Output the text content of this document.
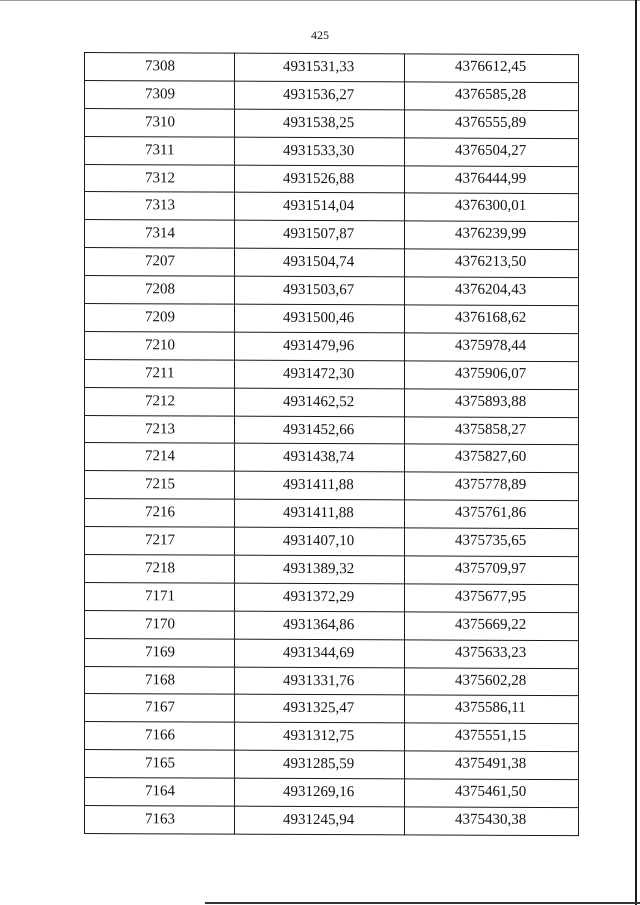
425
7308	4931531,33	4376612,45
7309	4931536,27	4376585,28
7310	4931538,25	4376555,89
7311	4931533,30	4376504,27
7312	4931526,88	4376444,99
7313	4931514,04	4376300,01
7314	4931507,87	4376239,99
7207	4931504,74	4376213,50
7208	4931503,67	4376204,43
7209	4931500,46	4376168,62
7210	4931479,96	4375978,44
7211	4931472,30	4375906,07
7212	4931462,52	4375893,88
7213	4931452,66	4375858,27
7214	4931438,74	4375827,60
7215	4931411,88	4375778,89
7216	4931411,88	4375761,86
7217	4931407,10	4375735,65
7218	4931389,32	4375709,97
7171	4931372,29	4375677,95
7170	4931364,86	4375669,22
7169	4931344,69	4375633,23
7168	4931331,76	4375602,28
7167	4931325,47	4375586,11
7166	4931312,75	4375551,15
7165	4931285,59	4375491,38
7164	4931269,16	4375461,50
7163	4931245,94	4375430,38
